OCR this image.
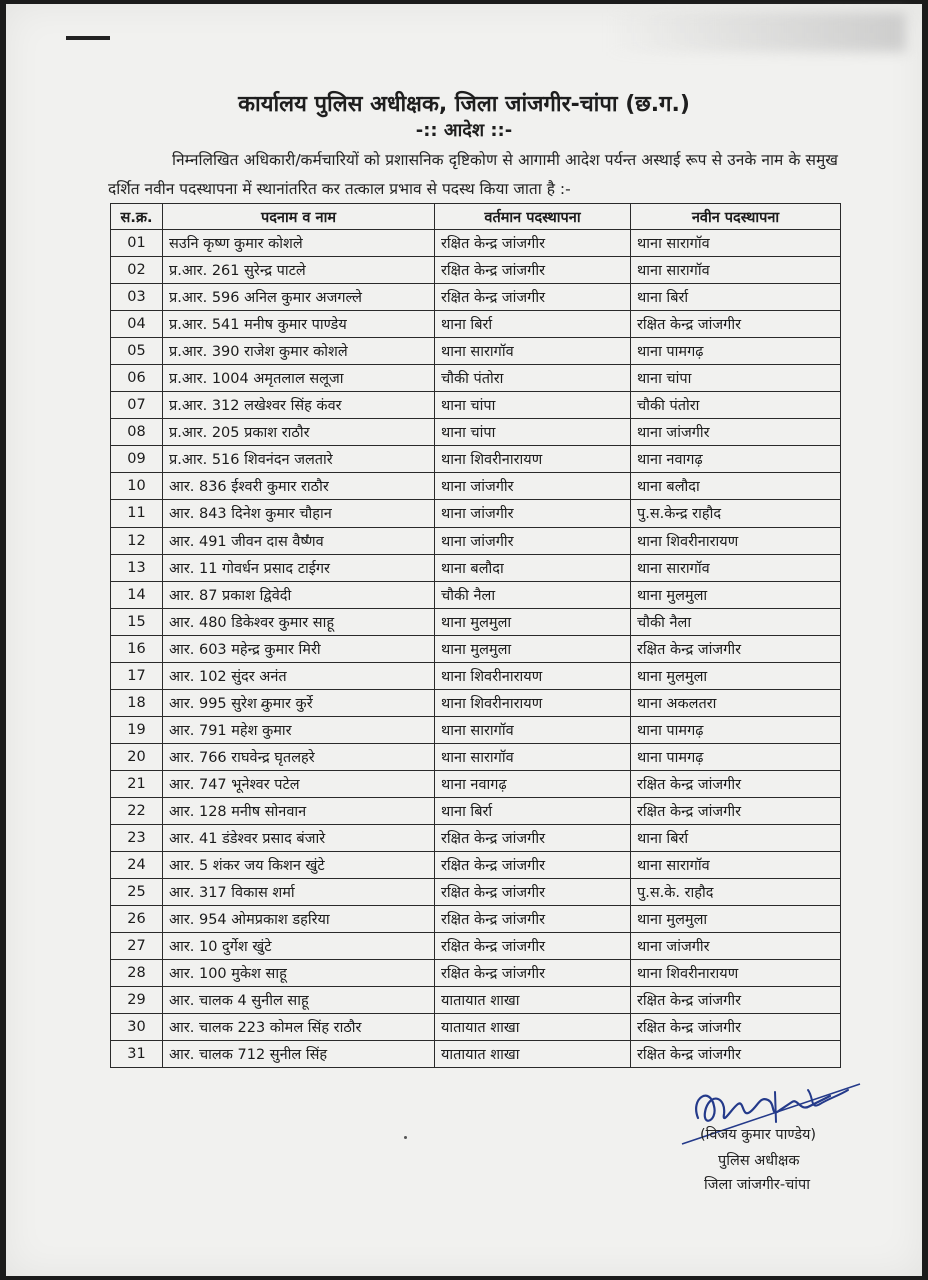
कार्यालय पुलिस अधीक्षक, जिला जांजगीर-चांपा (छ.ग.)
-:: आदेश ::-
निम्नलिखित अधिकारी/कर्मचारियों को प्रशासनिक दृष्टिकोण से आगामी आदेश पर्यन्त अस्थाई रूप से उनके नाम के समुख दर्शित नवीन पदस्थापना में स्थानांतरित कर तत्काल प्रभाव से पदस्थ किया जाता है :-
स.क्र.	पदनाम व नाम	वर्तमान पदस्थापना	नवीन पदस्थापना
01	सउनि कृष्ण कुमार कोशले	रक्षित केन्द्र जांजगीर	थाना सारागॉव
02	प्र.आर. 261 सुरेन्द्र पाटले	रक्षित केन्द्र जांजगीर	थाना सारागॉव
03	प्र.आर. 596 अनिल कुमार अजगल्ले	रक्षित केन्द्र जांजगीर	थाना बिर्रा
04	प्र.आर. 541 मनीष कुमार पाण्डेय	थाना बिर्रा	रक्षित केन्द्र जांजगीर
05	प्र.आर. 390 राजेश कुमार कोशले	थाना सारागॉव	थाना पामगढ़
06	प्र.आर. 1004 अमृतलाल सलूजा	चौकी पंतोरा	थाना चांपा
07	प्र.आर. 312 लखेश्वर सिंह कंवर	थाना चांपा	चौकी पंतोरा
08	प्र.आर. 205 प्रकाश राठौर	थाना चांपा	थाना जांजगीर
09	प्र.आर. 516 शिवनंदन जलतारे	थाना शिवरीनारायण	थाना नवागढ़
10	आर. 836 ईश्वरी कुमार राठौर	थाना जांजगीर	थाना बलौदा
11	आर. 843 दिनेश कुमार चौहान	थाना जांजगीर	पु.स.केन्द्र राहौद
12	आर. 491 जीवन दास वैष्णव	थाना जांजगीर	थाना शिवरीनारायण
13	आर. 11 गोवर्धन प्रसाद टाईगर	थाना बलौदा	थाना सारागॉव
14	आर. 87 प्रकाश द्विवेदी	चौकी नैला	थाना मुलमुला
15	आर. 480 डिकेश्वर कुमार साहू	थाना मुलमुला	चौकी नैला
16	आर. 603 महेन्द्र कुमार मिरी	थाना मुलमुला	रक्षित केन्द्र जांजगीर
17	आर. 102 सुंदर अनंत	थाना शिवरीनारायण	थाना मुलमुला
18	आर. 995 सुरेश कुमार कुर्रे	थाना शिवरीनारायण	थाना अकलतरा
19	आर. 791 महेश कुमार	थाना सारागॉव	थाना पामगढ़
20	आर. 766 राघवेन्द्र घृतलहरे	थाना सारागॉव	थाना पामगढ़
21	आर. 747 भूनेश्वर पटेल	थाना नवागढ़	रक्षित केन्द्र जांजगीर
22	आर. 128 मनीष सोनवान	थाना बिर्रा	रक्षित केन्द्र जांजगीर
23	आर. 41 डंडेश्वर प्रसाद बंजारे	रक्षित केन्द्र जांजगीर	थाना बिर्रा
24	आर. 5 शंकर जय किशन खुंटे	रक्षित केन्द्र जांजगीर	थाना सारागॉव
25	आर. 317 विकास शर्मा	रक्षित केन्द्र जांजगीर	पु.स.के. राहौद
26	आर. 954 ओमप्रकाश डहरिया	रक्षित केन्द्र जांजगीर	थाना मुलमुला
27	आर. 10 दुर्गेश खुंटे	रक्षित केन्द्र जांजगीर	थाना जांजगीर
28	आर. 100 मुकेश साहू	रक्षित केन्द्र जांजगीर	थाना शिवरीनारायण
29	आर. चालक 4 सुनील साहू	यातायात शाखा	रक्षित केन्द्र जांजगीर
30	आर. चालक 223 कोमल सिंह राठौर	यातायात शाखा	रक्षित केन्द्र जांजगीर
31	आर. चालक 712 सुनील सिंह	यातायात शाखा	रक्षित केन्द्र जांजगीर
(विजय कुमार पाण्डेय)
पुलिस अधीक्षक
जिला जांजगीर-चांपा
